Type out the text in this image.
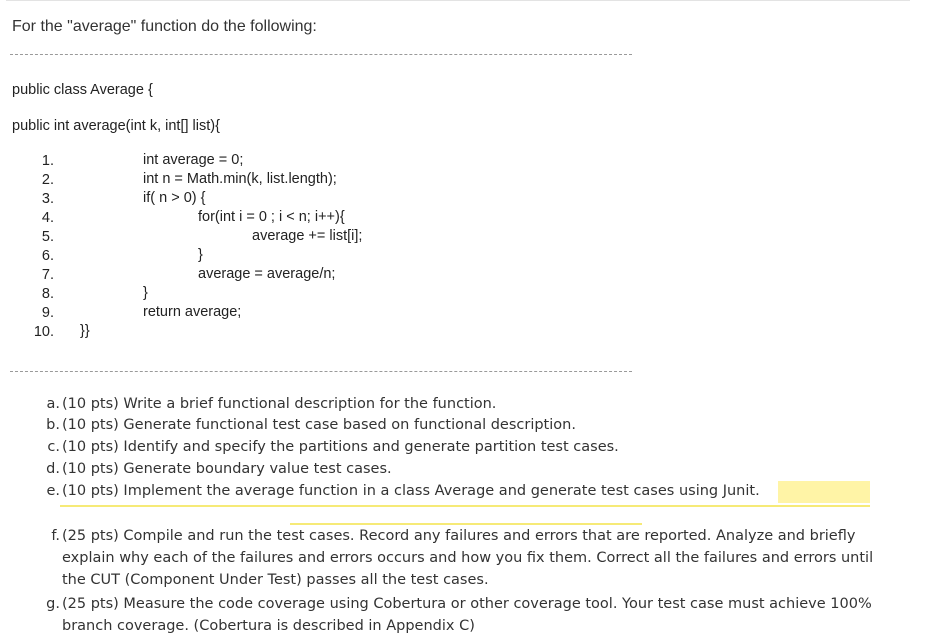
For the "average" function do the following:
public class Average {
public int average(int k, int[] list){
1.	int average = 0;
2.	int n = Math.min(k, list.length);
3.	if( n > 0) {
4.	for(int i = 0 ; i < n; i++){
5.	average += list[i];
6.	}
7.	average = average/n;
8.	}
9.	return average;
10. }}
a. (10 pts) Write a brief functional description for the function.
b. (10 pts) Generate functional test case based on functional description.
c. (10 pts) Identify and specify the partitions and generate partition test cases.
d. (10 pts) Generate boundary value test cases.
e. (10 pts) Implement the average function in a class Average and generate test cases using Junit.
f. (25 pts) Compile and run the test cases. Record any failures and errors that are reported. Analyze and briefly
explain why each of the failures and errors occurs and how you fix them. Correct all the failures and errors until
the CUT (Component Under Test) passes all the test cases.
g. (25 pts) Measure the code coverage using Cobertura or other coverage tool. Your test case must achieve 100%
branch coverage. (Cobertura is described in Appendix C)
